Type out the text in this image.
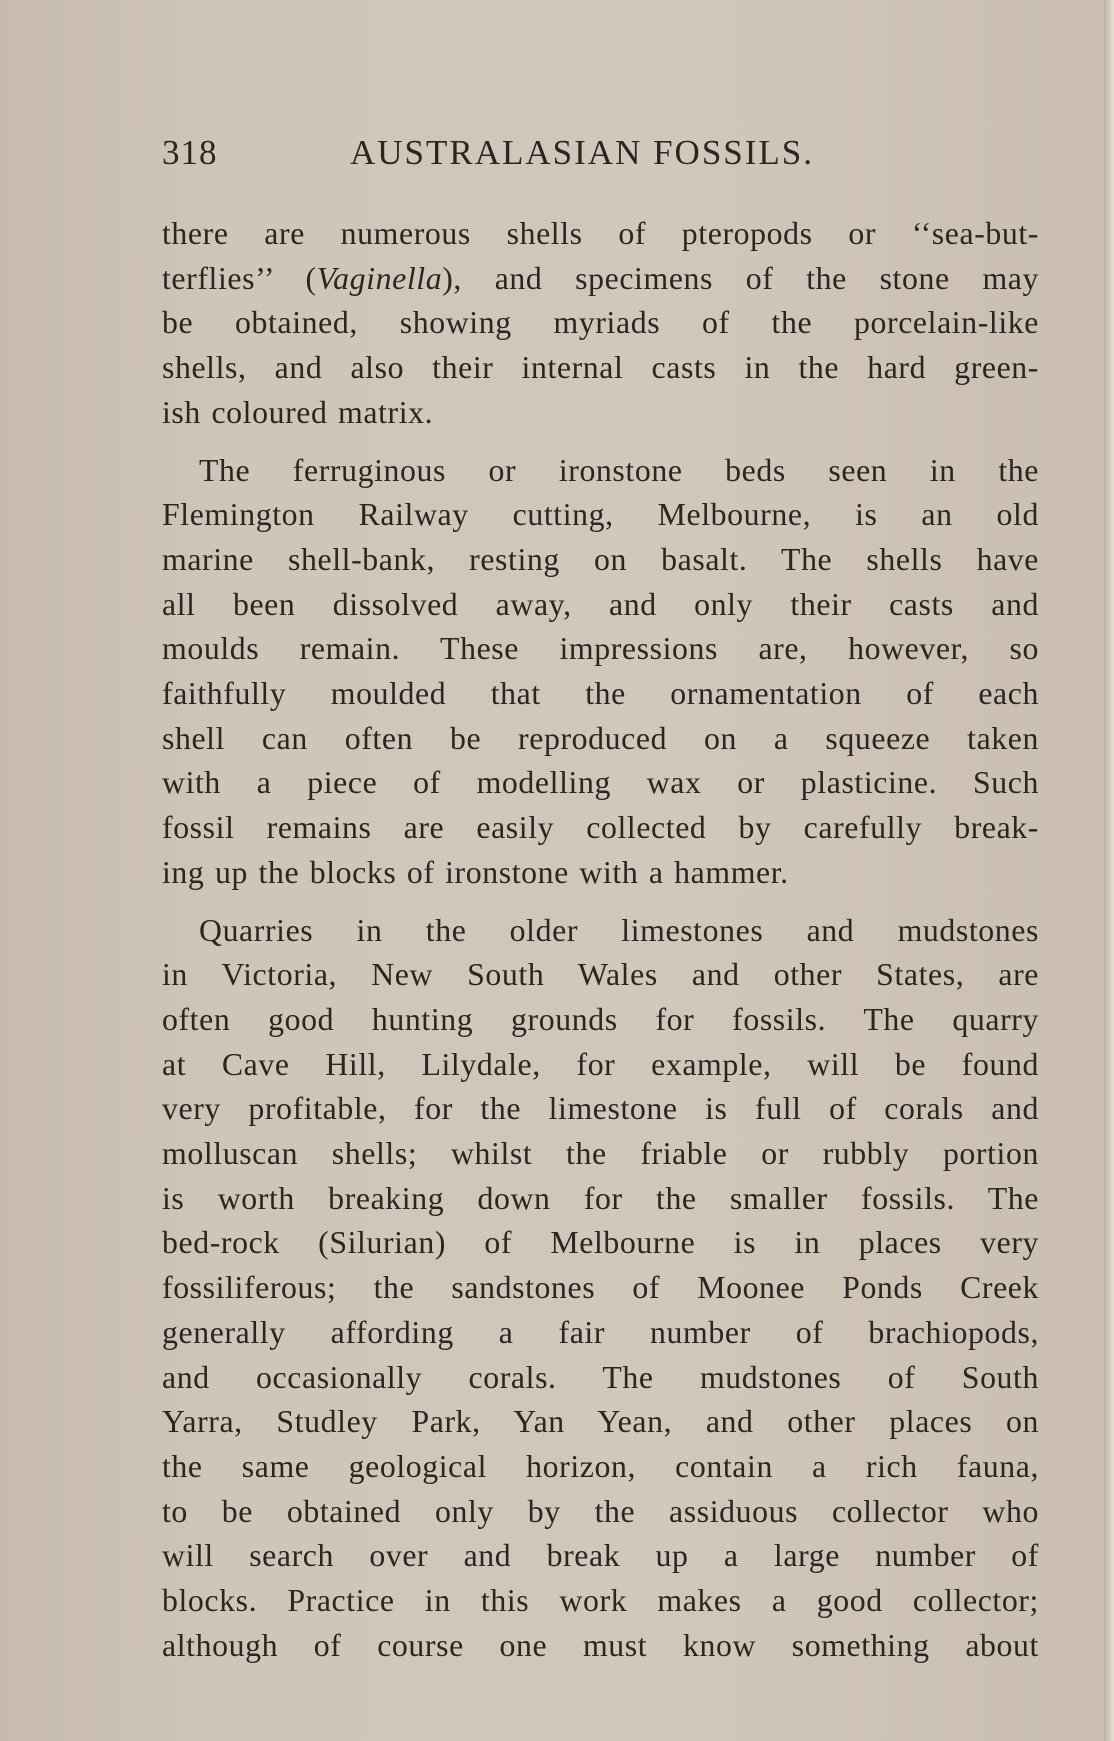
318	AUSTRALASIAN FOSSILS.

there are numerous shells of pteropods or ‘‘sea-but-
terflies’’ (Vaginella), and specimens of the stone may
be obtained, showing myriads of the porcelain-like
shells, and also their internal casts in the hard green-
ish coloured matrix.

The ferruginous or ironstone beds seen in the
Flemington Railway cutting, Melbourne, is an old
marine shell-bank, resting on basalt. The shells have
all been dissolved away, and only their casts and
moulds remain. These impressions are, however, so
faithfully moulded that the ornamentation of each
shell can often be reproduced on a squeeze taken
with a piece of modelling wax or plasticine. Such
fossil remains are easily collected by carefully break-
ing up the blocks of ironstone with a hammer.

Quarries in the older limestones and mudstones
in Victoria, New South Wales and other States, are
often good hunting grounds for fossils. The quarry
at Cave Hill, Lilydale, for example, will be found
very profitable, for the limestone is full of corals and
molluscan shells; whilst the friable or rubbly portion
is worth breaking down for the smaller fossils. The
bed-rock (Silurian) of Melbourne is in places very
fossiliferous; the sandstones of Moonee Ponds Creek
generally affording a fair number of brachiopods,
and occasionally corals. The mudstones of South
Yarra, Studley Park, Yan Yean, and other places on
the same geological horizon, contain a rich fauna,
to be obtained only by the assiduous collector who
will search over and break up a large number of
blocks. Practice in this work makes a good collector;
although of course one must know something about
